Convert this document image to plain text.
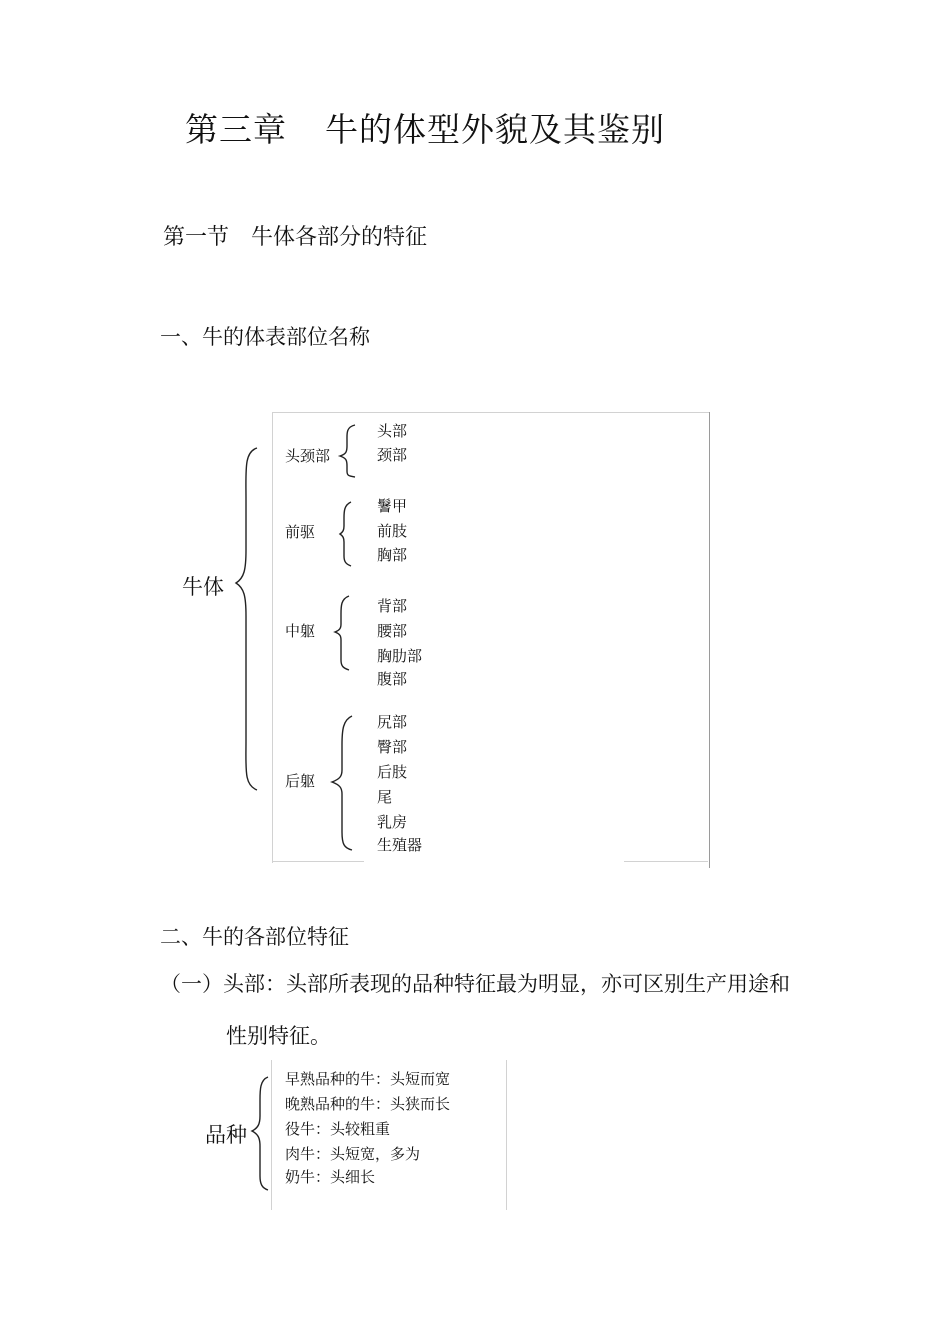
第三章 牛的体型外貌及其鉴别
第一节 牛体各部分的特征
一、牛的体表部位名称
牛体
头颈部
头部
颈部
前驱
鬐甲
前肢
胸部
中躯
背部
腰部
胸肋部
腹部
后躯
尻部
臀部
后肢
尾
乳房
生殖器
二、牛的各部位特征
（一）头部：头部所表现的品种特征最为明显，亦可区别生产用途和
性别特征。
品种
早熟品种的牛：头短而宽
晚熟品种的牛：头狭而长
役牛：头较粗重
肉牛：头短宽，多为
奶牛：头细长
